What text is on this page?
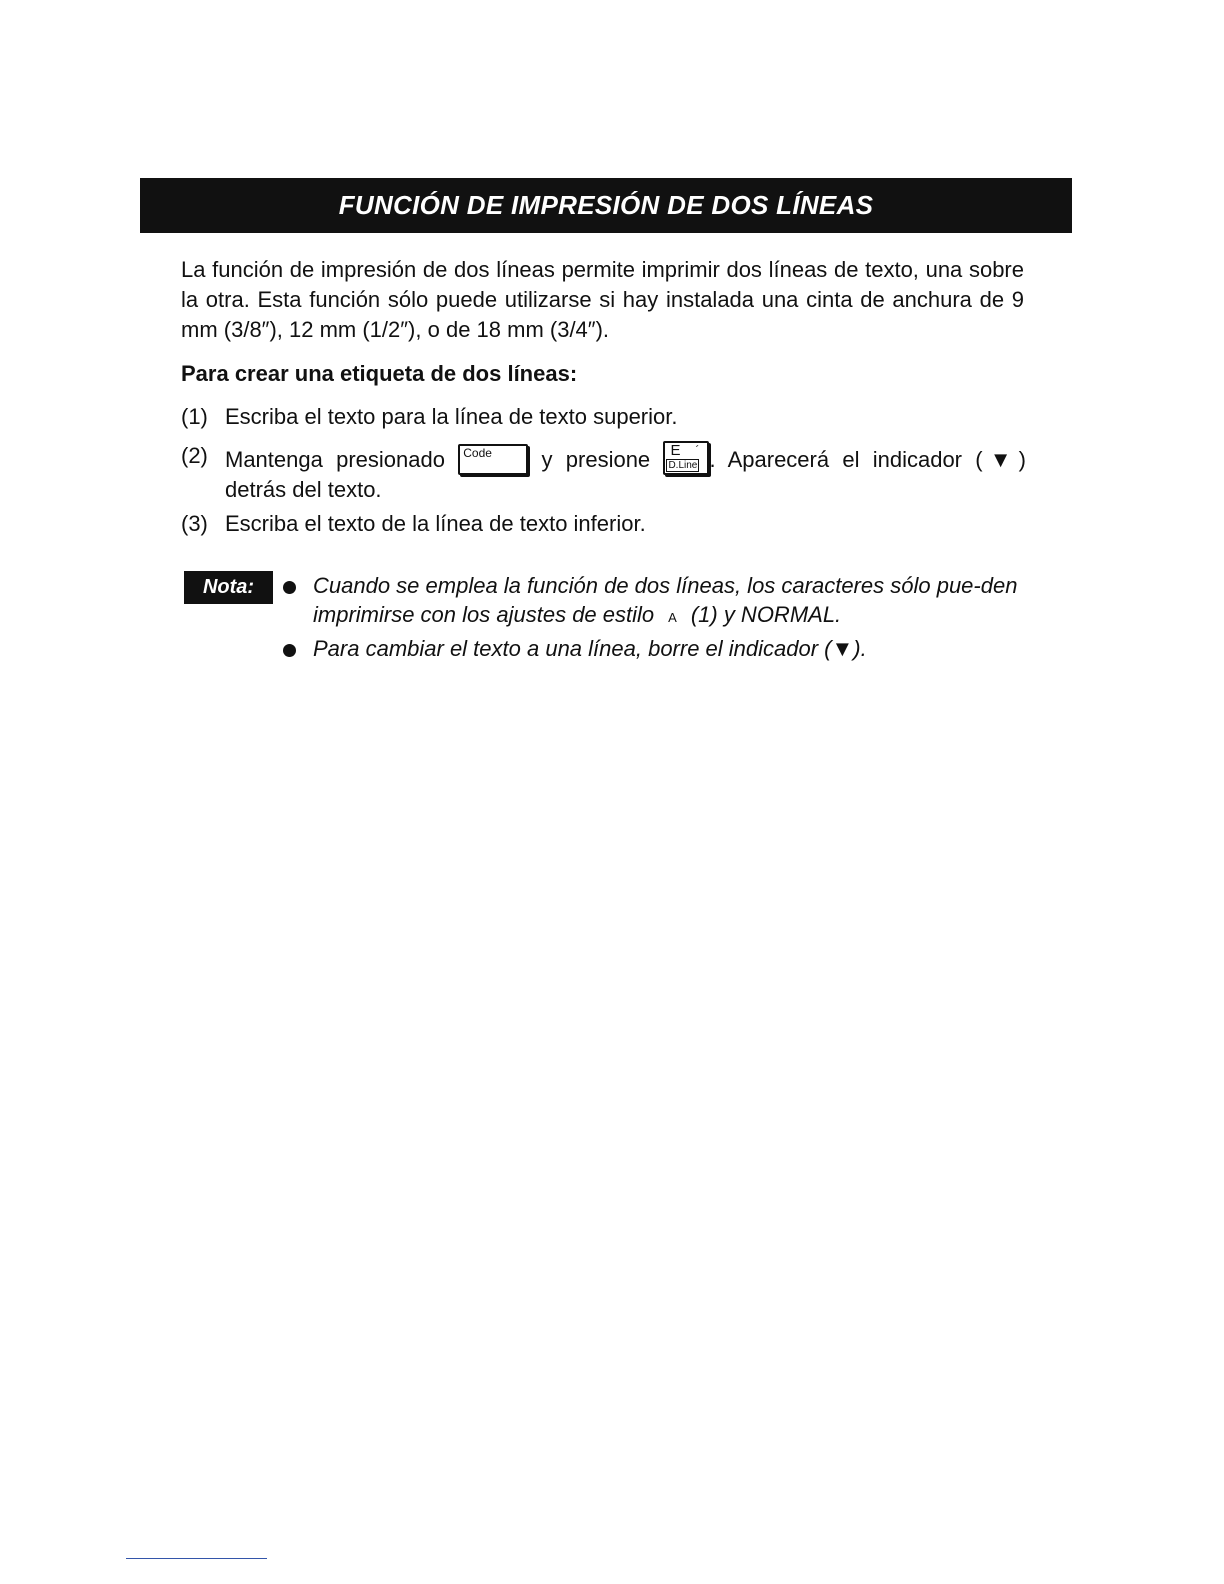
FUNCIÓN DE IMPRESIÓN DE DOS LÍNEAS

La función de impresión de dos líneas permite imprimir dos líneas de texto, una sobre la otra. Esta función sólo puede utilizarse si hay instalada una cinta de anchura de 9 mm (3/8″), 12 mm (1/2″), o de 18 mm (3/4″).

Para crear una etiqueta de dos líneas:
(1) Escriba el texto para la línea de texto superior.
(2) Mantenga presionado Code y presione E ´
D.Line . Aparecerá el indicador (▼)
detrás del texto.
(3) Escriba el texto de la línea de texto inferior.
Nota:	Cuando se emplea la función de dos líneas, los caracteres sólo pue-den imprimirse con los ajustes de estilo A (1) y NORMAL.
Para cambiar el texto a una línea, borre el indicador (▼).
